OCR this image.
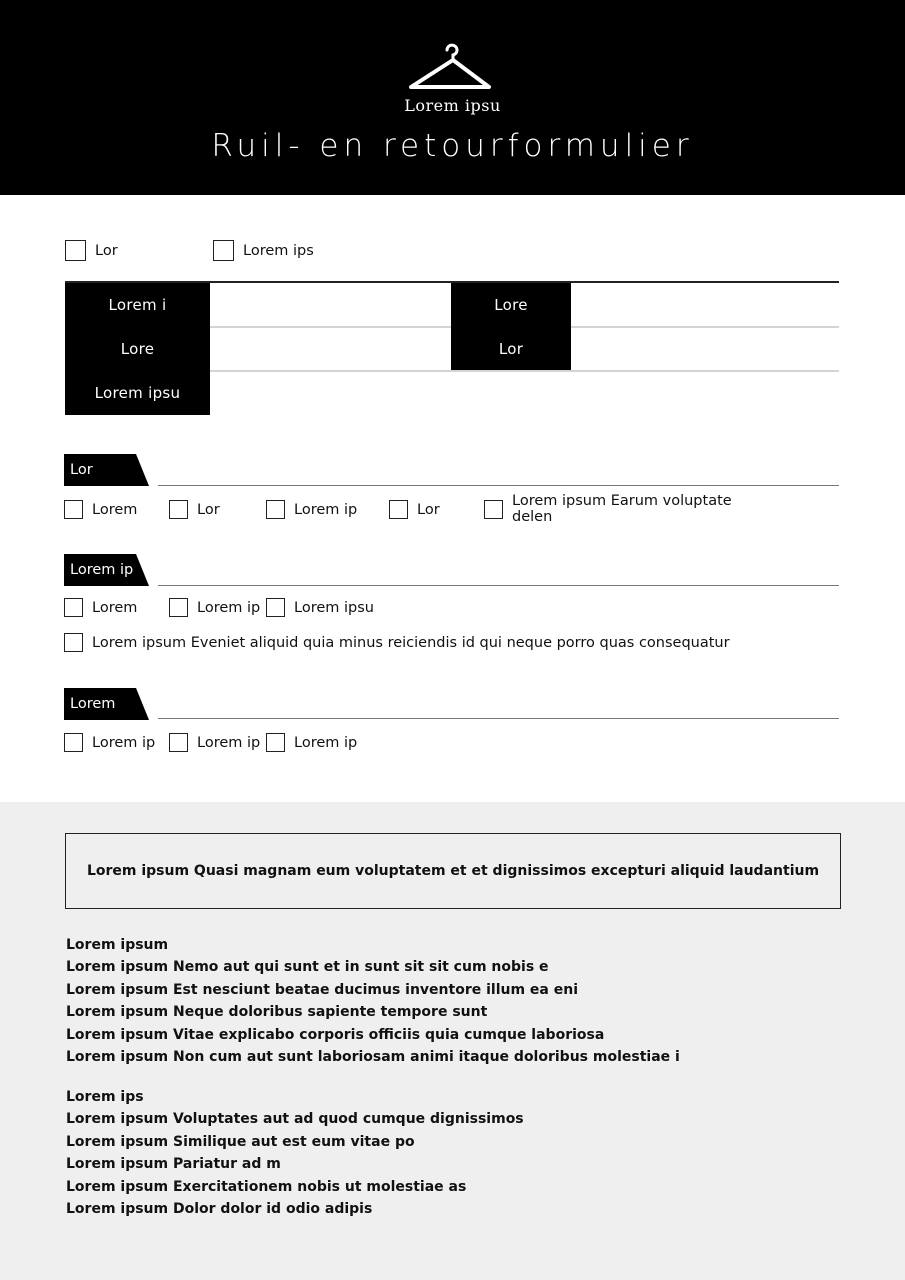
Lorem ipsu
Ruil- en retourformulier
Lor	Lorem ips
Lorem i	Lore
Lore	Lor
Lorem ipsu
Lor
Lorem	Lor	Lorem ip	Lor
Lorem ipsum Earum voluptate delen
Lorem ip
Lorem	Lorem ip Lorem ipsu
Lorem ipsum Eveniet aliquid quia minus reiciendis id qui neque porro quas consequatur
Lorem
Lorem ip	Lorem ip Lorem ip
Lorem ipsum Quasi magnam eum voluptatem et et dignissimos excepturi aliquid laudantium
Lorem ipsum
Lorem ipsum Nemo aut qui sunt et in sunt sit sit cum nobis e
Lorem ipsum Est nesciunt beatae ducimus inventore illum ea eni
Lorem ipsum Neque doloribus sapiente tempore sunt
Lorem ipsum Vitae explicabo corporis officiis quia cumque laboriosa
Lorem ipsum Non cum aut sunt laboriosam animi itaque doloribus molestiae i
Lorem ips
Lorem ipsum Voluptates aut ad quod cumque dignissimos
Lorem ipsum Similique aut est eum vitae po
Lorem ipsum Pariatur ad m
Lorem ipsum Exercitationem nobis ut molestiae as
Lorem ipsum Dolor dolor id odio adipis
